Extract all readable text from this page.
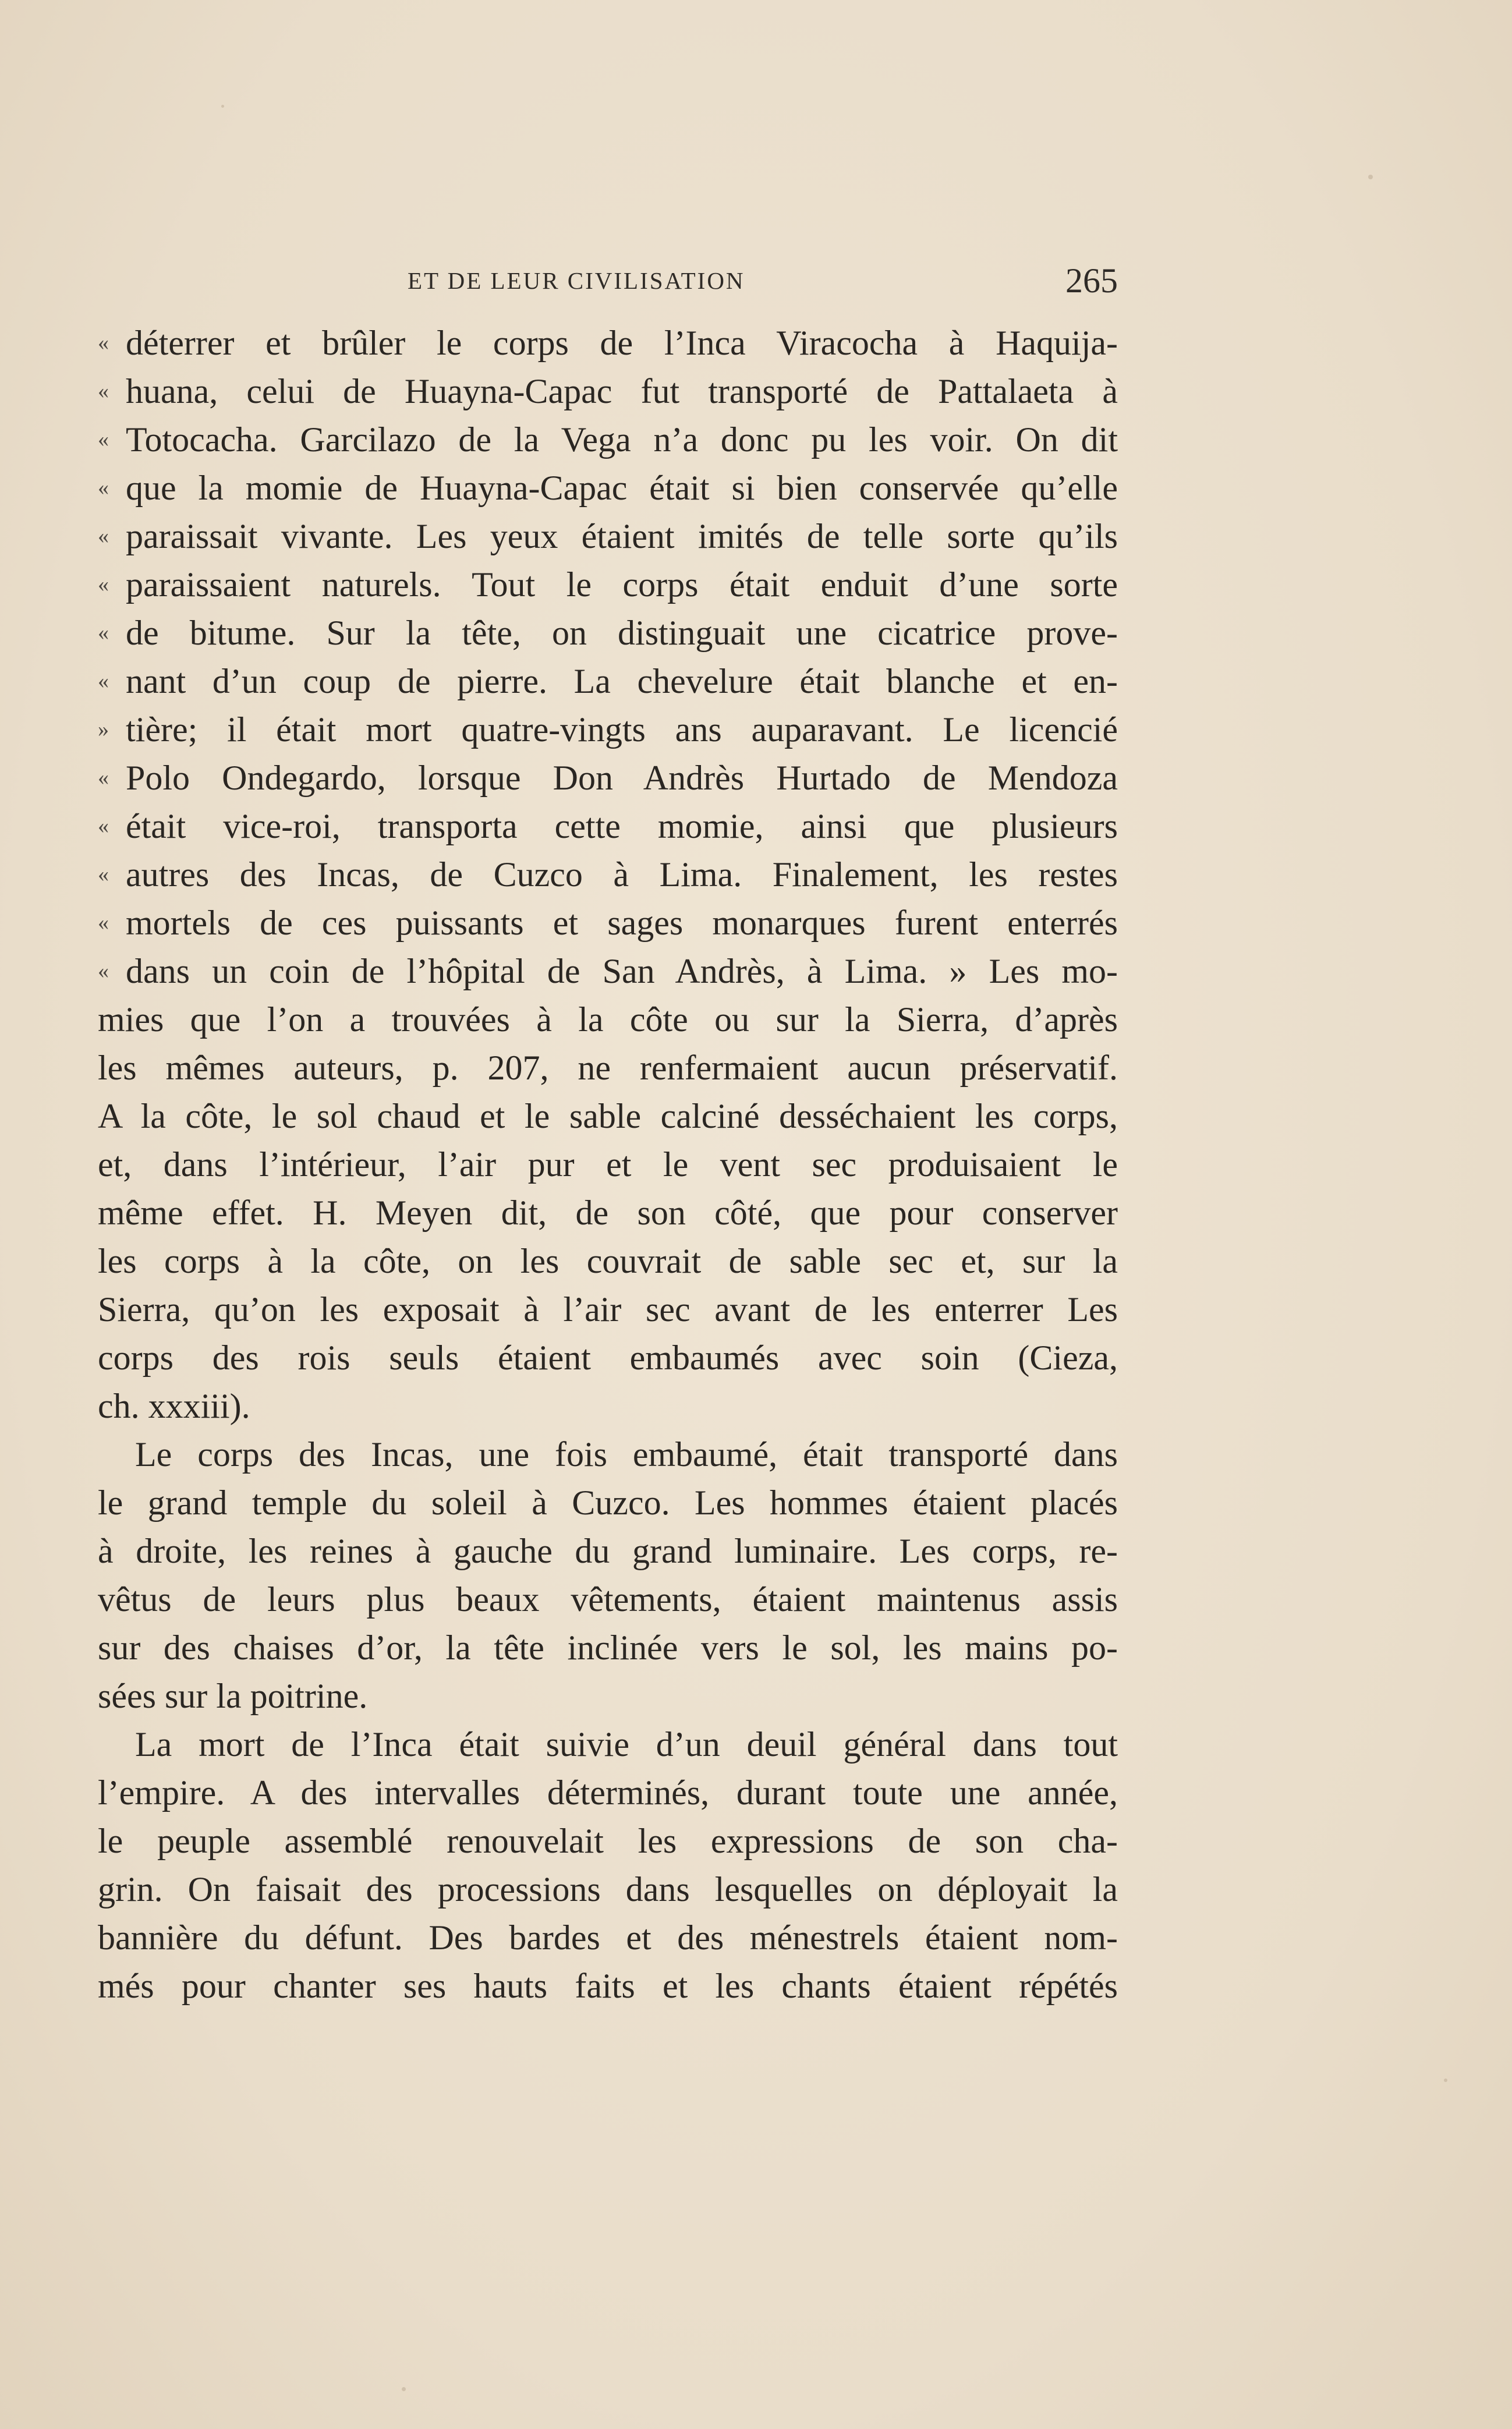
ET DE LEUR CIVILISATION	265
« déterrer et brûler le corps de l’Inca Viracocha à Haquija-
« huana, celui de Huayna-Capac fut transporté de Pattalaeta à
« Totocacha. Garcilazo de la Vega n’a donc pu les voir. On dit
« que la momie de Huayna-Capac était si bien conservée qu’elle
« paraissait vivante. Les yeux étaient imités de telle sorte qu’ils
« paraissaient naturels. Tout le corps était enduit d’une sorte
« de bitume. Sur la tête, on distinguait une cicatrice prove-
« nant d’un coup de pierre. La chevelure était blanche et en-
» tière; il était mort quatre-vingts ans auparavant. Le licencié
« Polo Ondegardo, lorsque Don Andrès Hurtado de Mendoza
« était vice-roi, transporta cette momie, ainsi que plusieurs
« autres des Incas, de Cuzco à Lima. Finalement, les restes
« mortels de ces puissants et sages monarques furent enterrés
« dans un coin de l’hôpital de San Andrès, à Lima. » Les mo-
mies que l’on a trouvées à la côte ou sur la Sierra, d’après
les mêmes auteurs, p. 207, ne renfermaient aucun préservatif.
A la côte, le sol chaud et le sable calciné desséchaient les corps,
et, dans l’intérieur, l’air pur et le vent sec produisaient le
même effet. H. Meyen dit, de son côté, que pour conserver
les corps à la côte, on les couvrait de sable sec et, sur la
Sierra, qu’on les exposait à l’air sec avant de les enterrer Les
corps des rois seuls étaient embaumés avec soin (Cieza,
ch. xxxiii).
Le corps des Incas, une fois embaumé, était transporté dans
le grand temple du soleil à Cuzco. Les hommes étaient placés
à droite, les reines à gauche du grand luminaire. Les corps, re-
vêtus de leurs plus beaux vêtements, étaient maintenus assis
sur des chaises d’or, la tête inclinée vers le sol, les mains po-
sées sur la poitrine.
La mort de l’Inca était suivie d’un deuil général dans tout
l’empire. A des intervalles déterminés, durant toute une année,
le peuple assemblé renouvelait les expressions de son cha-
grin. On faisait des processions dans lesquelles on déployait la
bannière du défunt. Des bardes et des ménestrels étaient nom-
més pour chanter ses hauts faits et les chants étaient répétés
